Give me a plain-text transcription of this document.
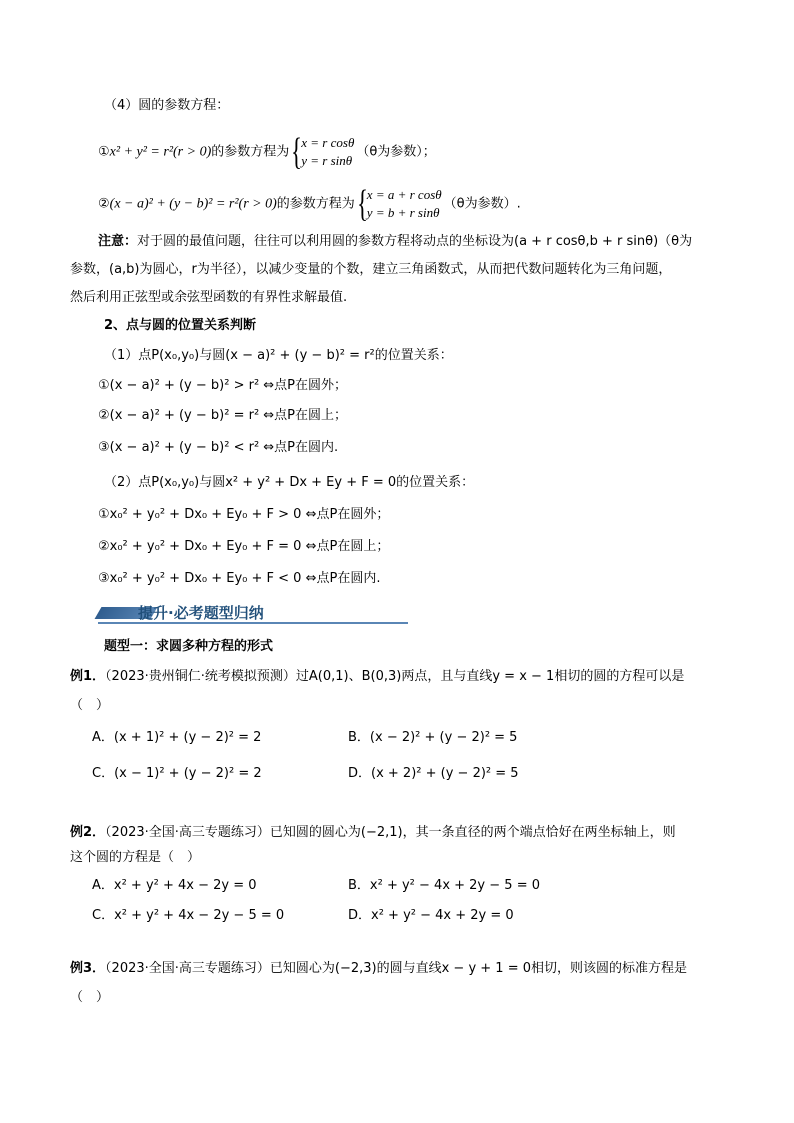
（4）圆的参数方程：
①x² + y² = r²(r > 0)的参数方程为 { x = r cosθ
y = r sinθ
（θ为参数）；
②(x − a)² + (y − b)² = r²(r > 0)的参数方程为 { x = a + r cosθ
y = b + r sinθ
（θ为参数）.
注意：对于圆的最值问题，往往可以利用圆的参数方程将动点的坐标设为(a + r cosθ,b + r sinθ)（θ为
参数，(a,b)为圆心，r为半径），以减少变量的个数，建立三角函数式，从而把代数问题转化为三角问题，
然后利用正弦型或余弦型函数的有界性求解最值.
2、点与圆的位置关系判断
（1）点P(x₀,y₀)与圆(x − a)² + (y − b)² = r²的位置关系：
①(x − a)² + (y − b)² > r² ⇔点P在圆外；
②(x − a)² + (y − b)² = r² ⇔点P在圆上；
③(x − a)² + (y − b)² < r² ⇔点P在圆内.
（2）点P(x₀,y₀)与圆x² + y² + Dx + Ey + F = 0的位置关系：
①x₀² + y₀² + Dx₀ + Ey₀ + F > 0 ⇔点P在圆外；
②x₀² + y₀² + Dx₀ + Ey₀ + F = 0 ⇔点P在圆上；
③x₀² + y₀² + Dx₀ + Ey₀ + F < 0 ⇔点P在圆内.
提升·必考题型归纳
题型一：求圆多种方程的形式
例1．（2023·贵州铜仁·统考模拟预测）过A(0,1)、B(0,3)两点，且与直线y = x − 1相切的圆的方程可以是
（　）
A．(x + 1)² + (y − 2)² = 2	B．(x − 2)² + (y − 2)² = 5
C．(x − 1)² + (y − 2)² = 2	D．(x + 2)² + (y − 2)² = 5
例2．（2023·全国·高三专题练习）已知圆的圆心为(−2,1)，其一条直径的两个端点恰好在两坐标轴上，则
这个圆的方程是（　）
A．x² + y² + 4x − 2y = 0	B．x² + y² − 4x + 2y − 5 = 0
C．x² + y² + 4x − 2y − 5 = 0	D．x² + y² − 4x + 2y = 0
例3．（2023·全国·高三专题练习）已知圆心为(−2,3)的圆与直线x − y + 1 = 0相切，则该圆的标准方程是
（　）
